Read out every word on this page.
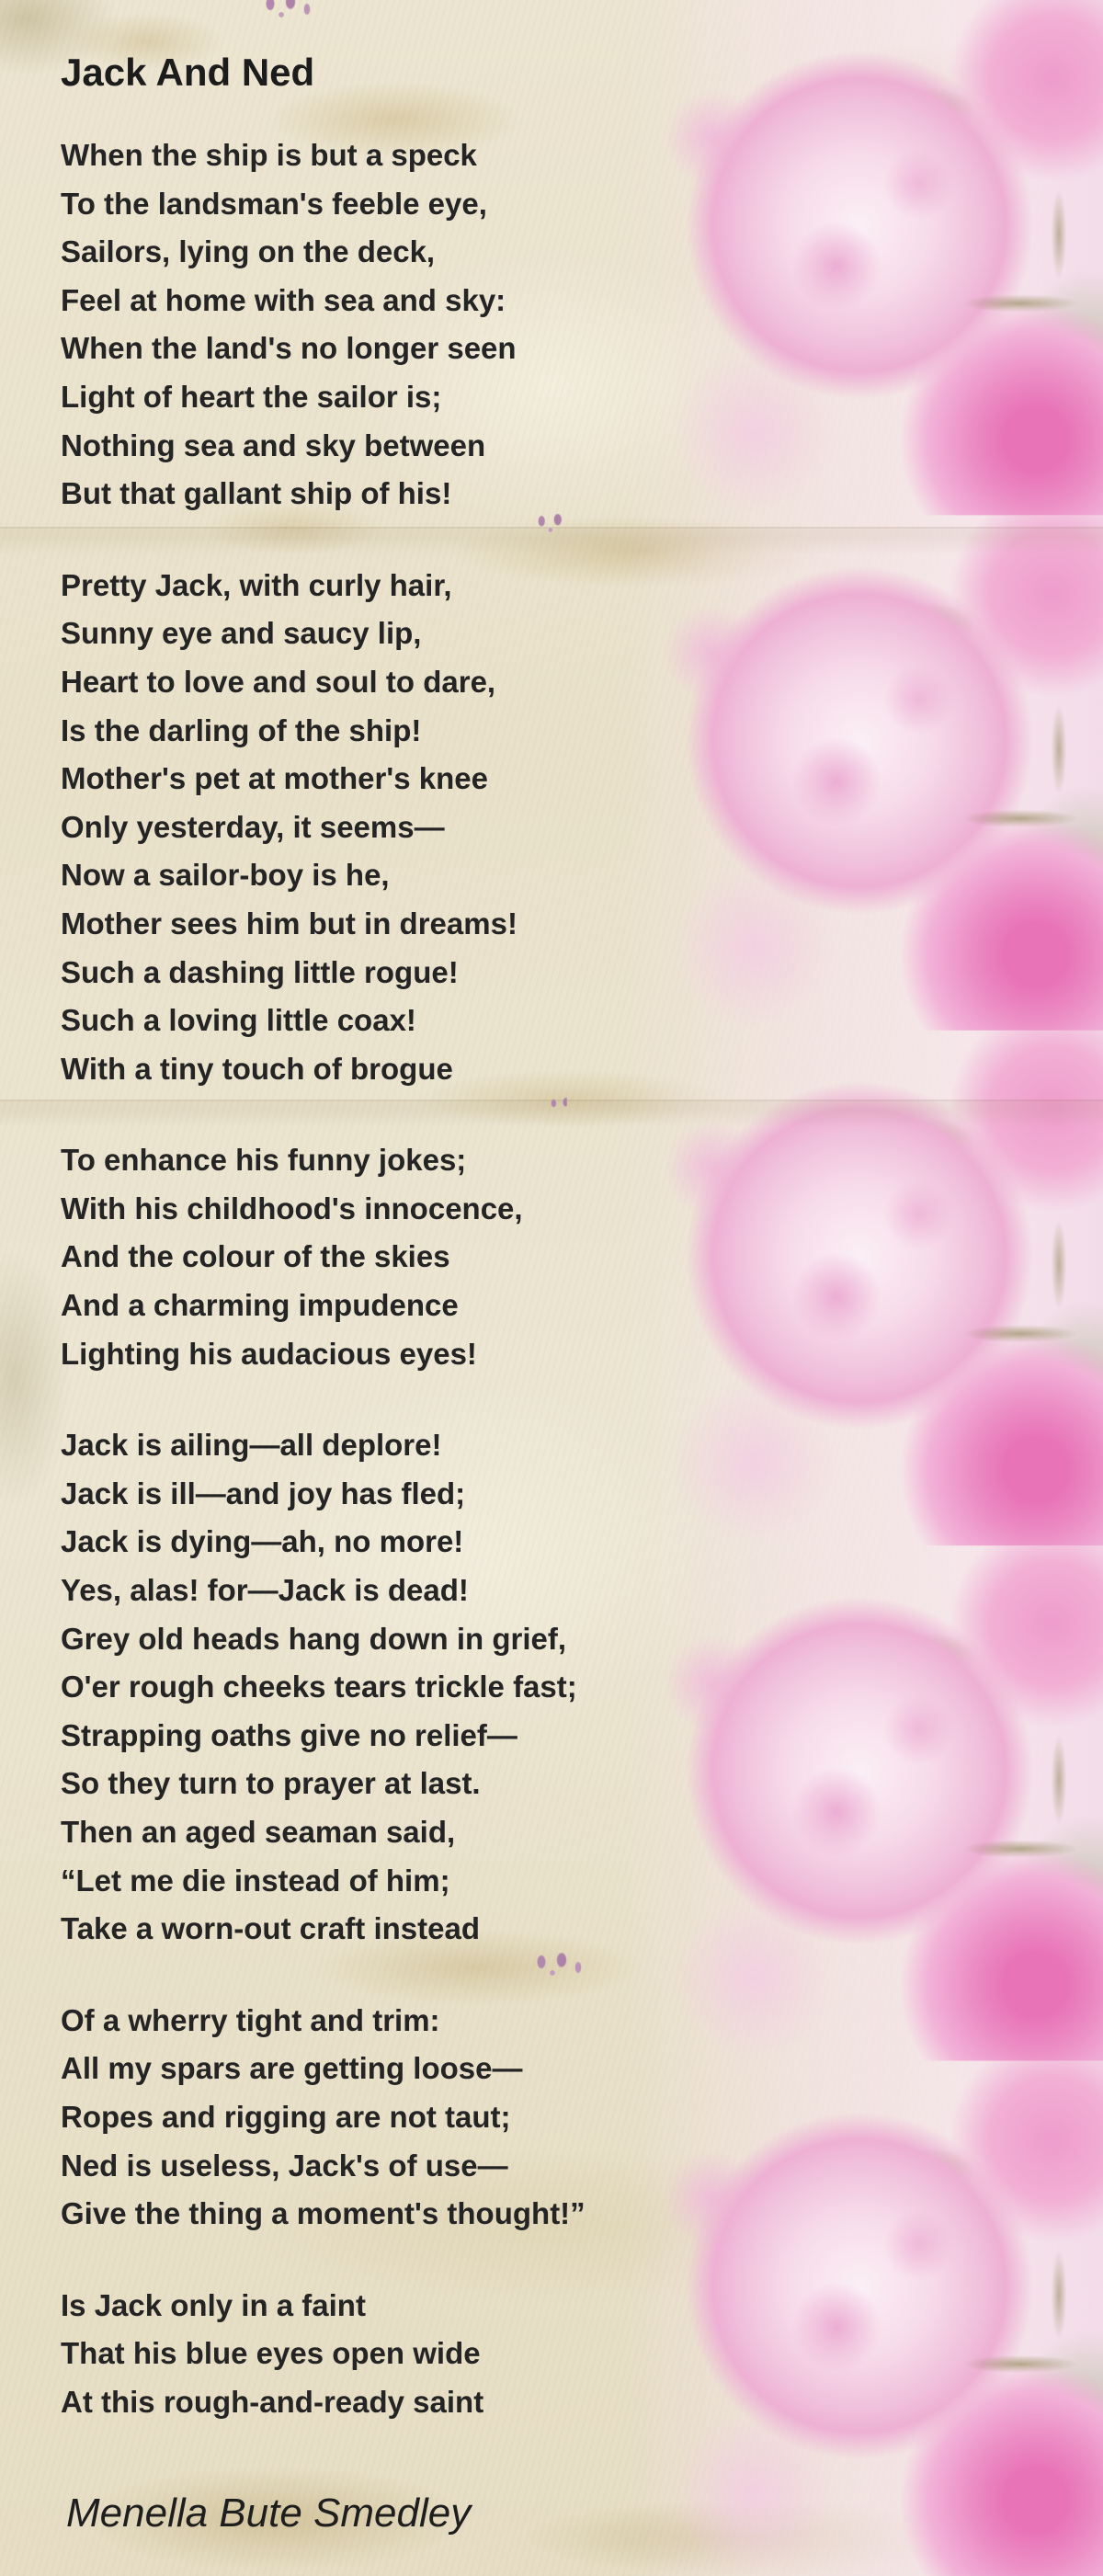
Jack And Ned

When the ship is but a speck
To the landsman's feeble eye,
Sailors, lying on the deck,
Feel at home with sea and sky:
When the land's no longer seen
Light of heart the sailor is;
Nothing sea and sky between
But that gallant ship of his!

Pretty Jack, with curly hair,
Sunny eye and saucy lip,
Heart to love and soul to dare,
Is the darling of the ship!
Mother's pet at mother's knee
Only yesterday, it seems—
Now a sailor-boy is he,
Mother sees him but in dreams!
Such a dashing little rogue!
Such a loving little coax!
With a tiny touch of brogue

To enhance his funny jokes;
With his childhood's innocence,
And the colour of the skies
And a charming impudence
Lighting his audacious eyes!

Jack is ailing—all deplore!
Jack is ill—and joy has fled;
Jack is dying—ah, no more!
Yes, alas! for—Jack is dead!
Grey old heads hang down in grief,
O'er rough cheeks tears trickle fast;
Strapping oaths give no relief—
So they turn to prayer at last.
Then an aged seaman said,
“Let me die instead of him;
Take a worn-out craft instead

Of a wherry tight and trim:
All my spars are getting loose—
Ropes and rigging are not taut;
Ned is useless, Jack's of use—
Give the thing a moment's thought!”

Is Jack only in a faint
That his blue eyes open wide
At this rough-and-ready saint

Menella Bute Smedley
